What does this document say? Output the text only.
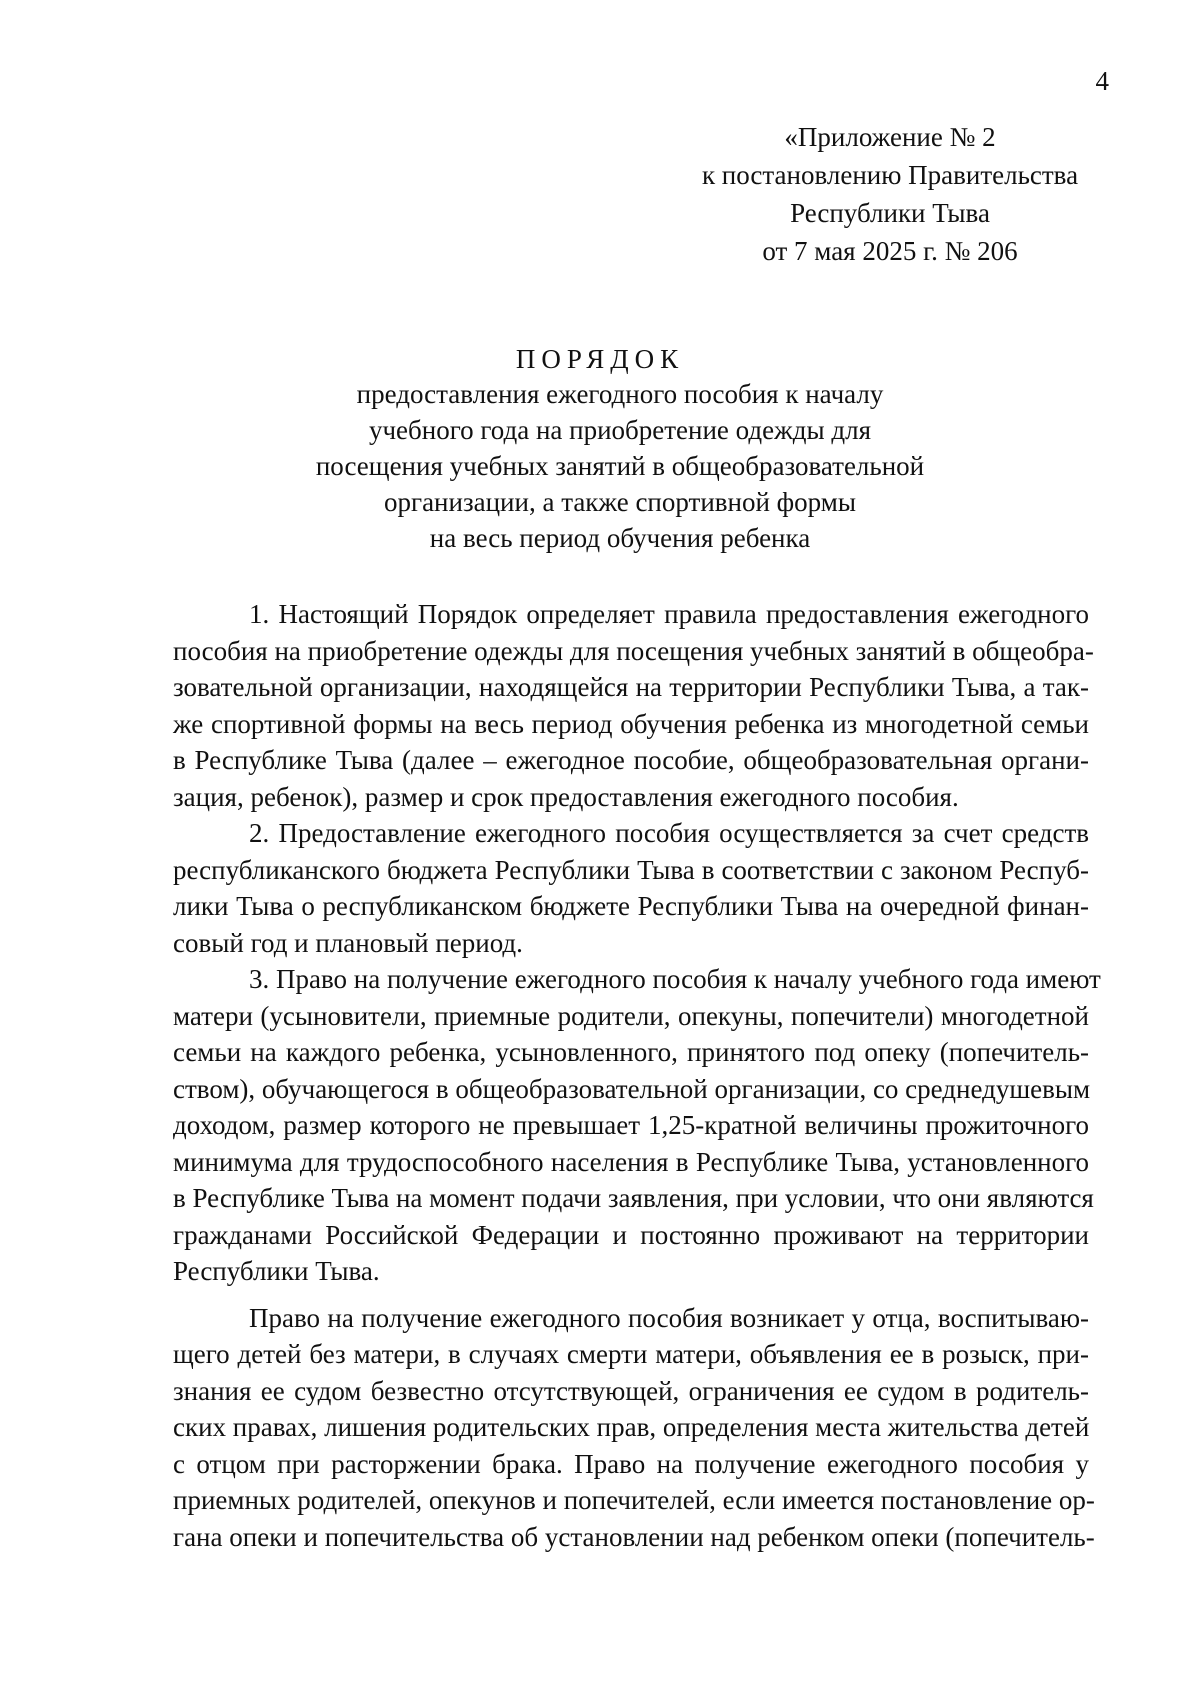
4
«Приложение № 2
к постановлению Правительства
Республики Тыва
от 7 мая 2025 г. № 206
ПОРЯДОК
предоставления ежегодного пособия к началу
учебного года на приобретение одежды для
посещения учебных занятий в общеобразовательной
организации, а также спортивной формы
на весь период обучения ребенка

1. Настоящий Порядок определяет правила предоставления ежегодного
пособия на приобретение одежды для посещения учебных занятий в общеобра-
зовательной организации, находящейся на территории Республики Тыва, а так-
же спортивной формы на весь период обучения ребенка из многодетной семьи
в Республике Тыва (далее – ежегодное пособие, общеобразовательная органи-
зация, ребенок), размер и срок предоставления ежегодного пособия.

2. Предоставление ежегодного пособия осуществляется за счет средств
республиканского бюджета Республики Тыва в соответствии с законом Респуб-
лики Тыва о республиканском бюджете Республики Тыва на очередной финан-
совый год и плановый период.

3. Право на получение ежегодного пособия к началу учебного года имеют
матери (усыновители, приемные родители, опекуны, попечители) многодетной
семьи на каждого ребенка, усыновленного, принятого под опеку (попечитель-
ством), обучающегося в общеобразовательной организации, со среднедушевым
доходом, размер которого не превышает 1,25-кратной величины прожиточного
минимума для трудоспособного населения в Республике Тыва, установленного
в Республике Тыва на момент подачи заявления, при условии, что они являются
гражданами Российской Федерации и постоянно проживают на территории
Республики Тыва.

Право на получение ежегодного пособия возникает у отца, воспитываю-
щего детей без матери, в случаях смерти матери, объявления ее в розыск, при-
знания ее судом безвестно отсутствующей, ограничения ее судом в родитель-
ских правах, лишения родительских прав, определения места жительства детей
с отцом при расторжении брака. Право на получение ежегодного пособия у
приемных родителей, опекунов и попечителей, если имеется постановление ор-
гана опеки и попечительства об установлении над ребенком опеки (попечитель-
